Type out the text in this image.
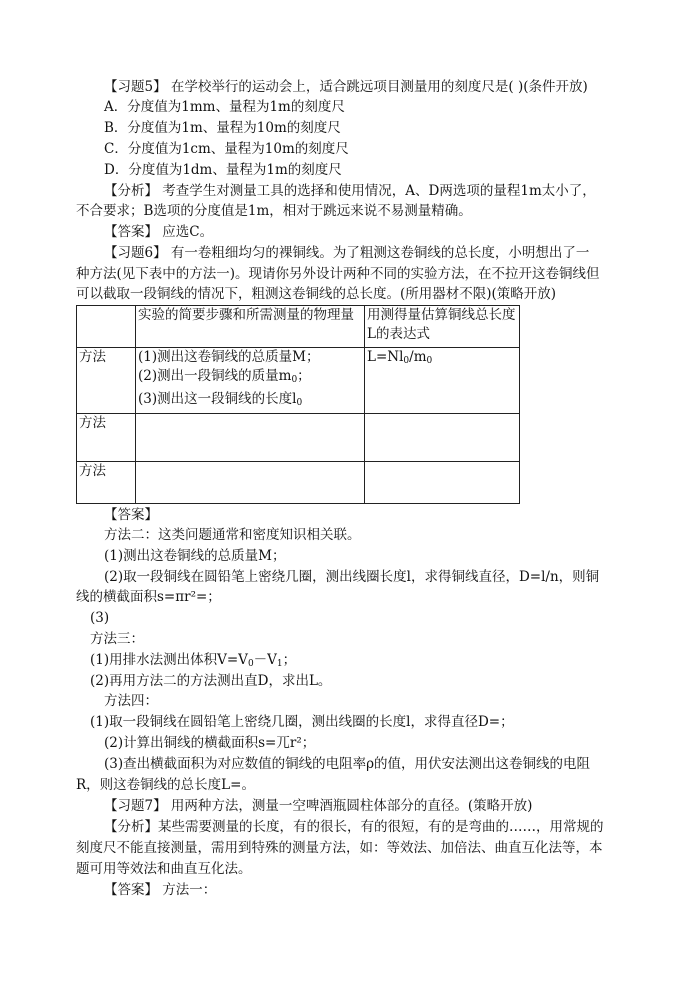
【习题5】 在学校举行的运动会上，适合跳远项目测量用的刻度尺是( )(条件开放)
A．分度值为1mm、量程为1m的刻度尺
B．分度值为1m、量程为10m的刻度尺
C．分度值为1cm、量程为10m的刻度尺
D．分度值为1dm、量程为1m的刻度尺
【分析】 考查学生对测量工具的选择和使用情况，A、D两选项的量程1m太小了，
不合要求；B选项的分度值是1m，相对于跳远来说不易测量精确。
【答案】 应选C。
【习题6】 有一卷粗细均匀的裸铜线。为了粗测这卷铜线的总长度，小明想出了一
种方法(见下表中的方法一)。现请你另外设计两种不同的实验方法，在不拉开这卷铜线但
可以截取一段铜线的情况下，粗测这卷铜线的总长度。(所用器材不限)(策略开放)
	实验的简要步骤和所需测量的物理量	用测得量估算铜线总长度
L的表达式

方法	(1)测出这卷铜线的总质量M；
(2)测出一段铜线的质量$m_0$；
(3)测出这一段铜线的长度$l_0$	$L=Nl_0/m_0$
方法		
方法		
【答案】
方法二：这类问题通常和密度知识相关联。
(1)测出这卷铜线的总质量M；
(2)取一段铜线在圆铅笔上密绕几圈，测出线圈长度l，求得铜线直径，D=l/n，则铜
线的横截面积s=πr²=；
(3)
方法三：
(1)用排水法测出体积$V=V_0-V_1$；
(2)再用方法二的方法测出直D，求出L。
方法四：
(1)取一段铜线在圆铅笔上密绕几圈，测出线圈的长度l，求得直径D=；
(2)计算出铜线的横截面积s=兀r²；
(3)查出横截面积为对应数值的铜线的电阻率ρ的值，用伏安法测出这卷铜线的电阻
R，则这卷铜线的总长度L=。
【习题7】 用两种方法，测量一空啤酒瓶圆柱体部分的直径。(策略开放)
【分析】某些需要测量的长度，有的很长，有的很短，有的是弯曲的……，用常规的
刻度尺不能直接测量，需用到特殊的测量方法，如：等效法、加倍法、曲直互化法等，本
题可用等效法和曲直互化法。
【答案】 方法一：
